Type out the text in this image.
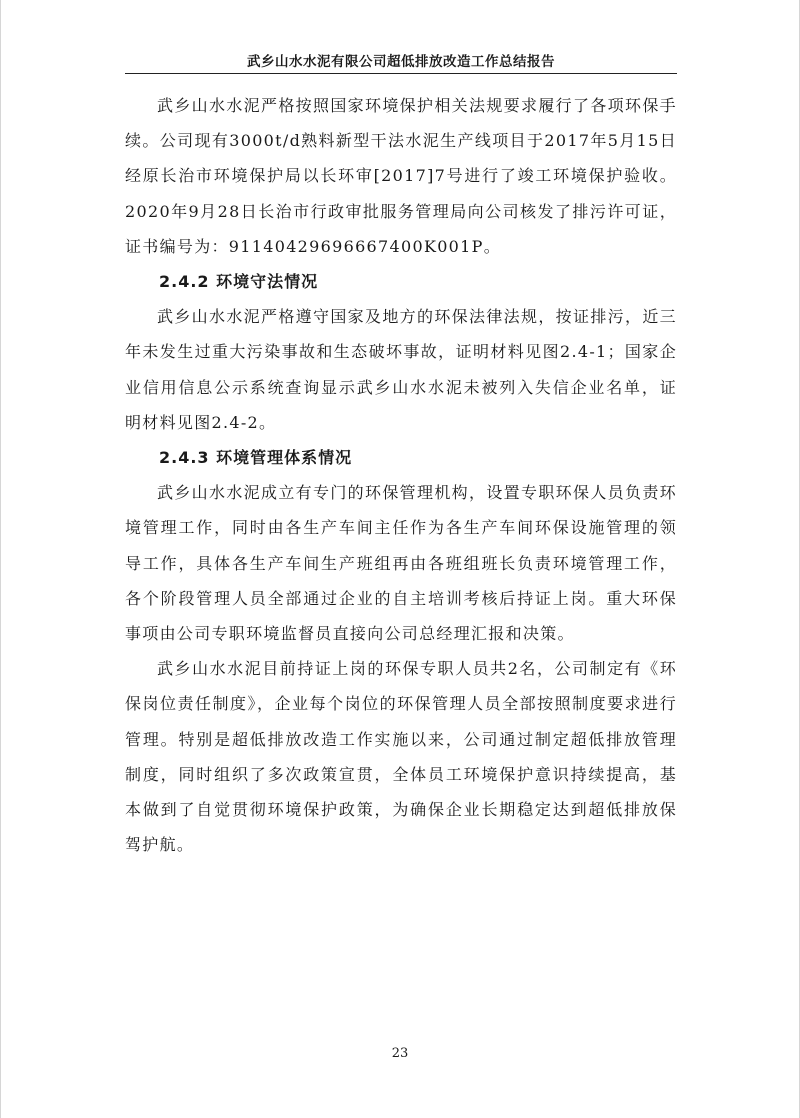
武乡山水水泥有限公司超低排放改造工作总结报告

武乡山水水泥严格按照国家环境保护相关法规要求履行了各项环保手续。公司现有3000t/d熟料新型干法水泥生产线项目于2017年5月15日经原长治市环境保护局以长环审[2017]7号进行了竣工环境保护验收。2020年9月28日长治市行政审批服务管理局向公司核发了排污许可证，证书编号为：91140429696667400K001P。

2.4.2 环境守法情况

武乡山水水泥严格遵守国家及地方的环保法律法规，按证排污，近三年未发生过重大污染事故和生态破坏事故，证明材料见图2.4-1；国家企业信用信息公示系统查询显示武乡山水水泥未被列入失信企业名单，证明材料见图2.4-2。

2.4.3 环境管理体系情况

武乡山水水泥成立有专门的环保管理机构，设置专职环保人员负责环境管理工作，同时由各生产车间主任作为各生产车间环保设施管理的领导工作，具体各生产车间生产班组再由各班组班长负责环境管理工作，各个阶段管理人员全部通过企业的自主培训考核后持证上岗。重大环保事项由公司专职环境监督员直接向公司总经理汇报和决策。

武乡山水水泥目前持证上岗的环保专职人员共2名，公司制定有《环保岗位责任制度》，企业每个岗位的环保管理人员全部按照制度要求进行管理。特别是超低排放改造工作实施以来，公司通过制定超低排放管理制度，同时组织了多次政策宣贯，全体员工环境保护意识持续提高，基本做到了自觉贯彻环境保护政策，为确保企业长期稳定达到超低排放保驾护航。

23
